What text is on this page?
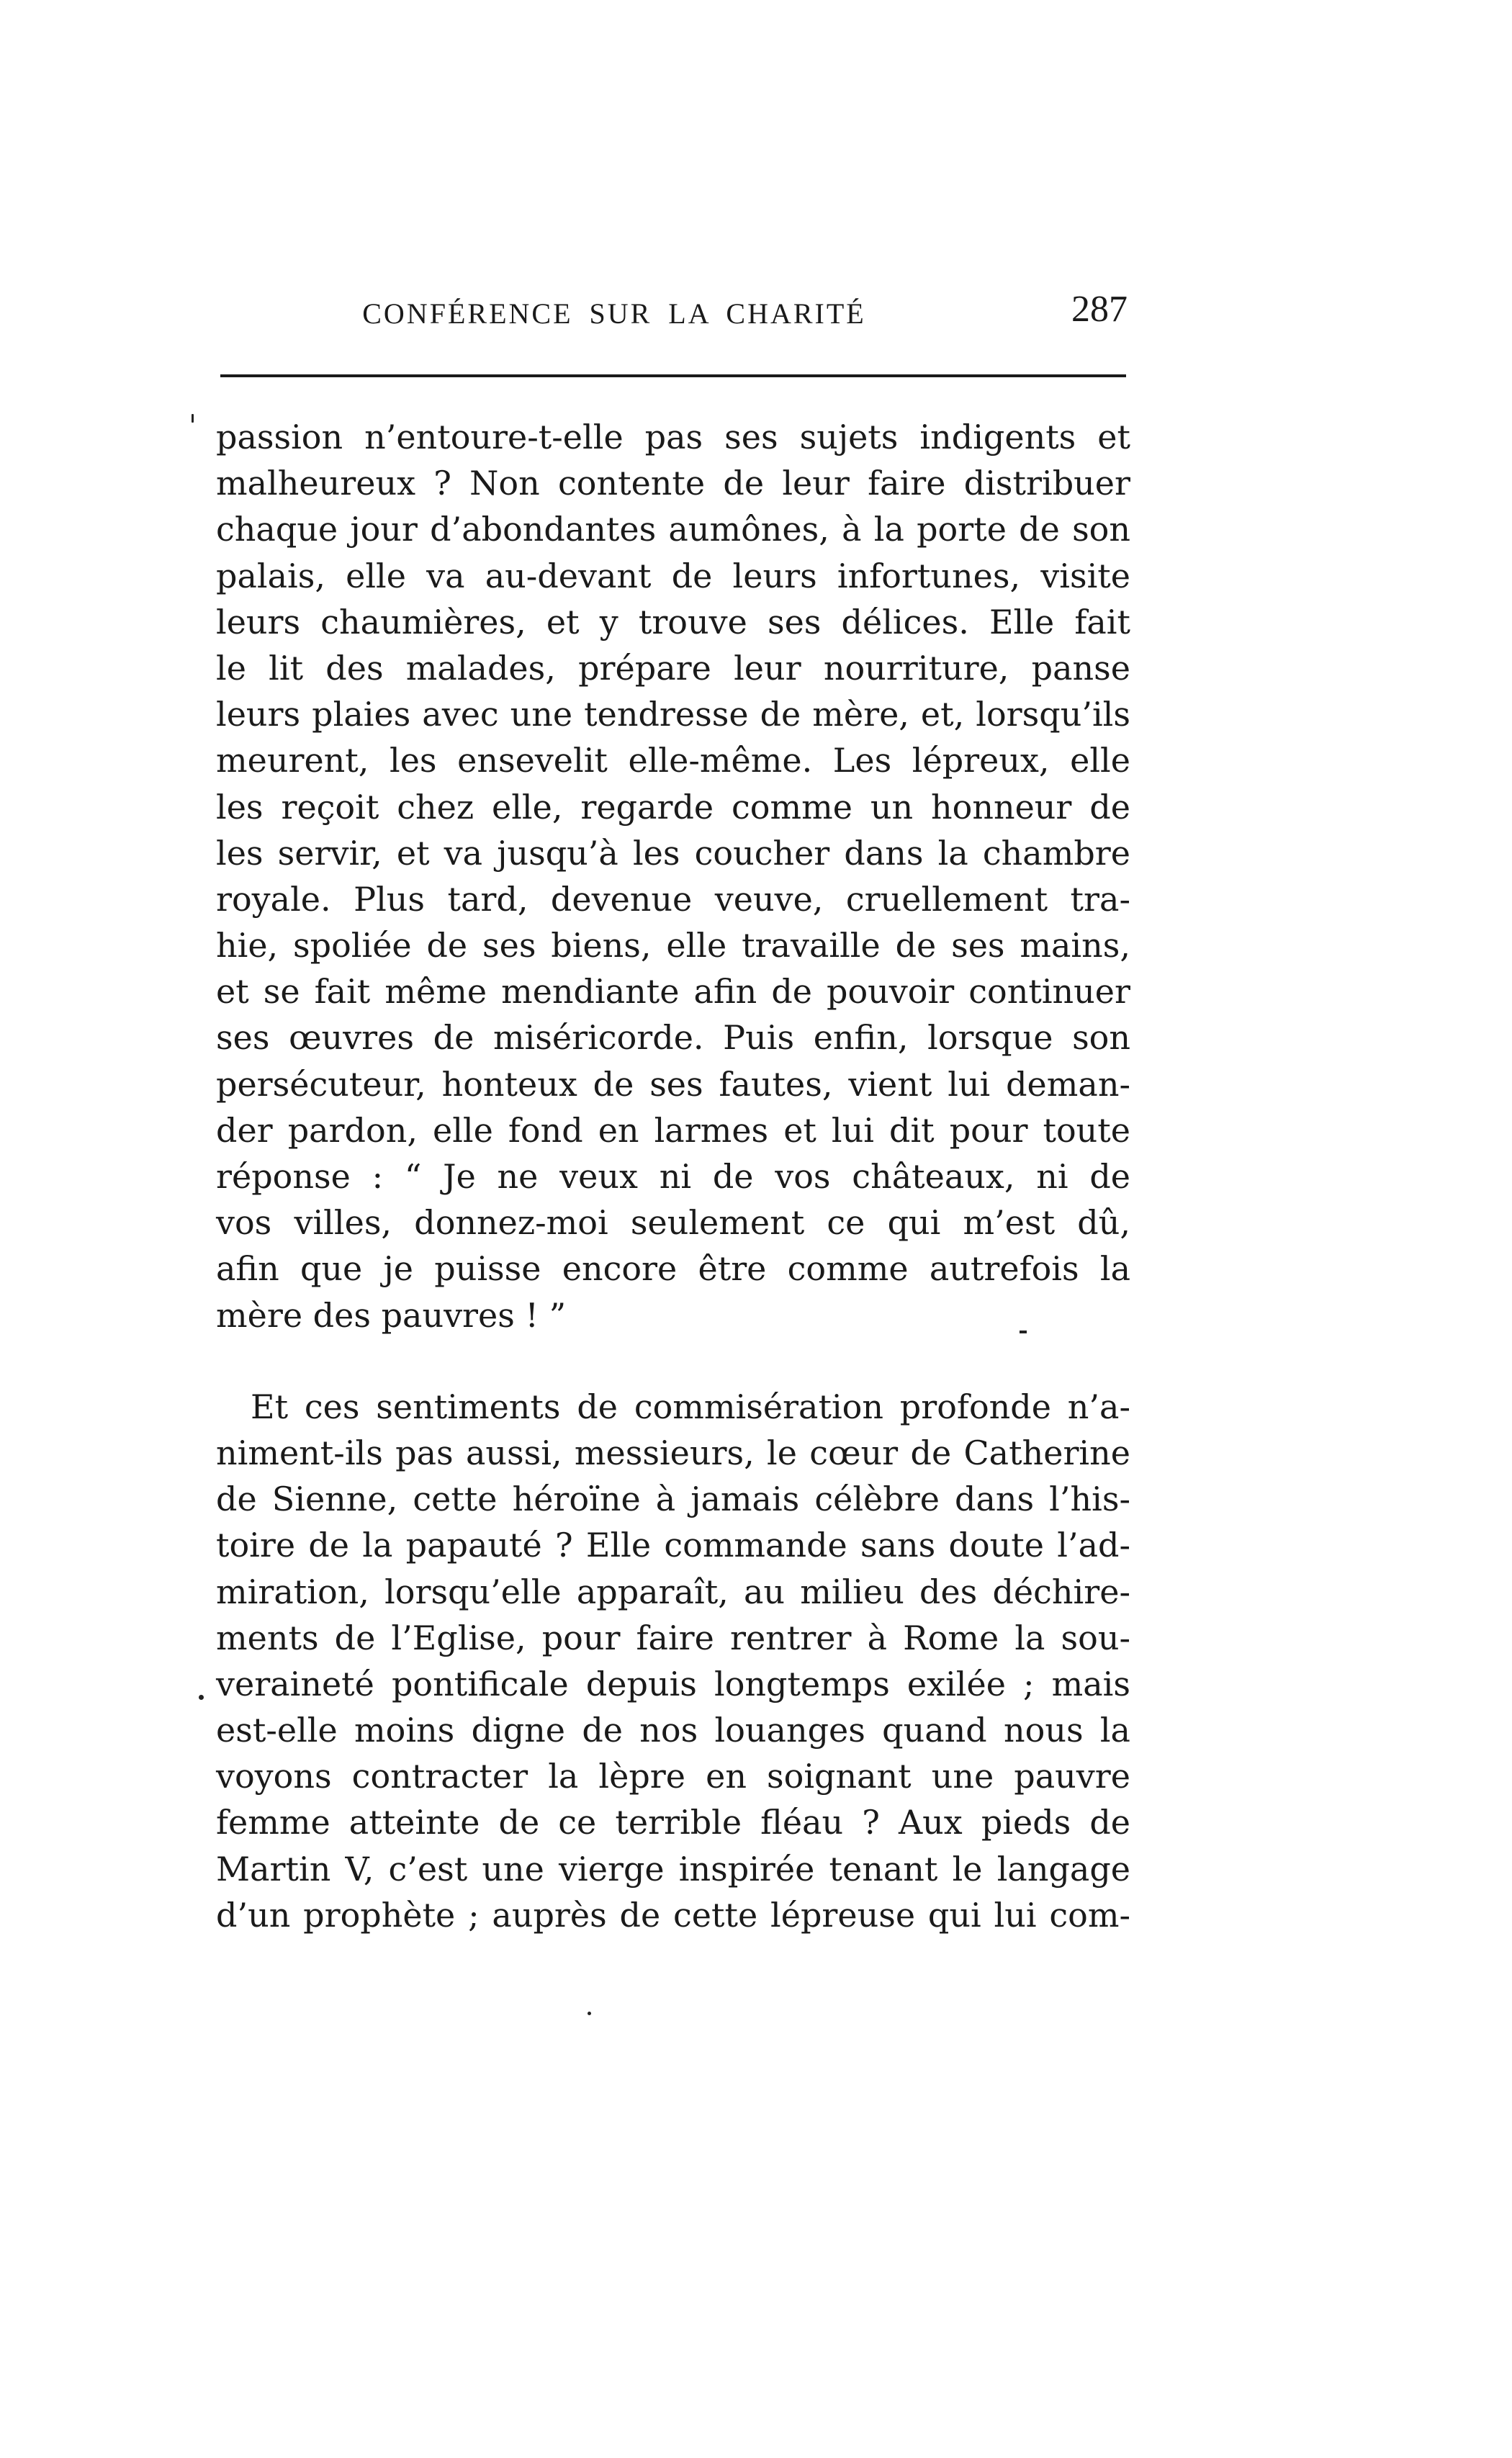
CONFÉRENCE SUR LA CHARITÉ	287
passion n’entoure-t-elle pas ses sujets indigents et
malheureux ? Non contente de leur faire distribuer
chaque jour d’abondantes aumônes, à la porte de son
palais, elle va au-devant de leurs infortunes, visite
leurs chaumières, et y trouve ses délices. Elle fait
le lit des malades, prépare leur nourriture, panse
leurs plaies avec une tendresse de mère, et, lorsqu’ils
meurent, les ensevelit elle-même. Les lépreux, elle
les reçoit chez elle, regarde comme un honneur de
les servir, et va jusqu’à les coucher dans la chambre
royale. Plus tard, devenue veuve, cruellement tra-
hie, spoliée de ses biens, elle travaille de ses mains,
et se fait même mendiante afin de pouvoir continuer
ses œuvres de miséricorde. Puis enfin, lorsque son
persécuteur, honteux de ses fautes, vient lui deman-
der pardon, elle fond en larmes et lui dit pour toute
réponse : “ Je ne veux ni de vos châteaux, ni de
vos villes, donnez-moi seulement ce qui m’est dû,
afin que je puisse encore être comme autrefois la
mère des pauvres ! ”
Et ces sentiments de commisération profonde n’a-
niment-ils pas aussi, messieurs, le cœur de Catherine
de Sienne, cette héroïne à jamais célèbre dans l’his-
toire de la papauté ? Elle commande sans doute l’ad-
miration, lorsqu’elle apparaît, au milieu des déchire-
ments de l’Eglise, pour faire rentrer à Rome la sou-
veraineté pontificale depuis longtemps exilée ; mais
est-elle moins digne de nos louanges quand nous la
voyons contracter la lèpre en soignant une pauvre
femme atteinte de ce terrible fléau ? Aux pieds de
Martin V, c’est une vierge inspirée tenant le langage
d’un prophète ; auprès de cette lépreuse qui lui com-
